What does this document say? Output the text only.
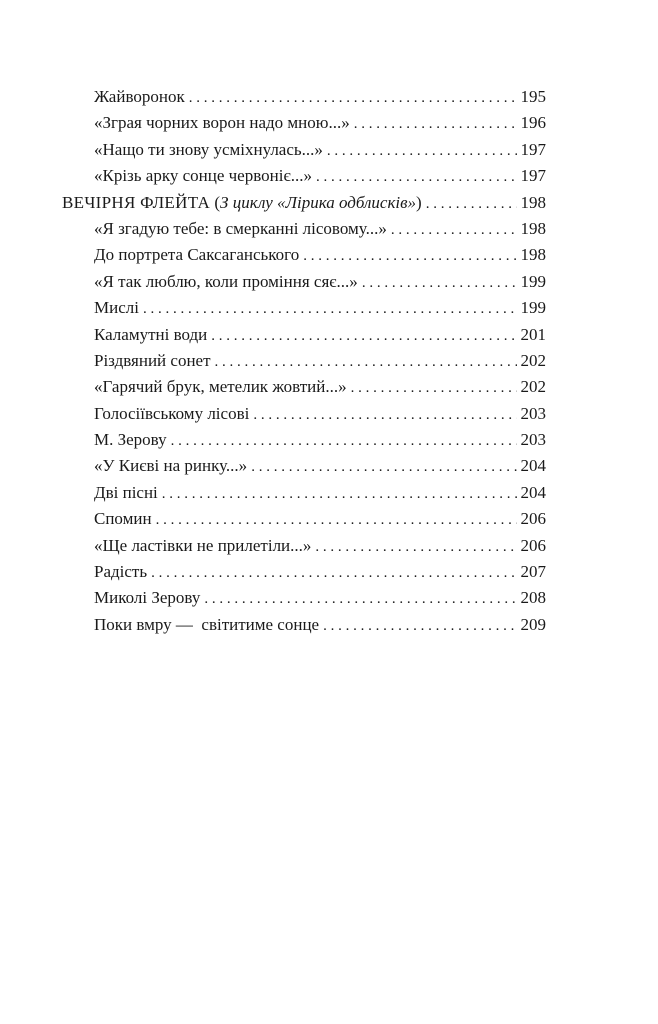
Жайворонок . . .	195
«Зграя чорних ворон надо мною...» . . .	196
«Нащо ти знову усміхнулась...» . . .	197
«Крізь арку сонце червоніє...» . . .	197
ВЕЧІРНЯ ФЛЕЙТА (З циклу «Лірика одблисків») . . .	198
«Я згадую тебе: в смерканні лісовому...» . . .	198
До портрета Саксаганського . . .	198
«Я так люблю, коли проміння сяє...» . . .	199
Мислі . . .	199
Каламутні води . . .	201
Різдвяний сонет . . .	202
«Гарячий брук, метелик жовтий...» . . .	202
Голосіївському лісові . . .	203
М. Зерову . . .	203
«У Києві на ринку...» . . .	204
Дві пісні . . .	204
Спомин . . .	206
«Ще ластівки не прилетіли...» . . .	206
Радість . . .	207
Миколі Зерову . . .	208
Поки вмру —  світитиме сонце . . .	209
